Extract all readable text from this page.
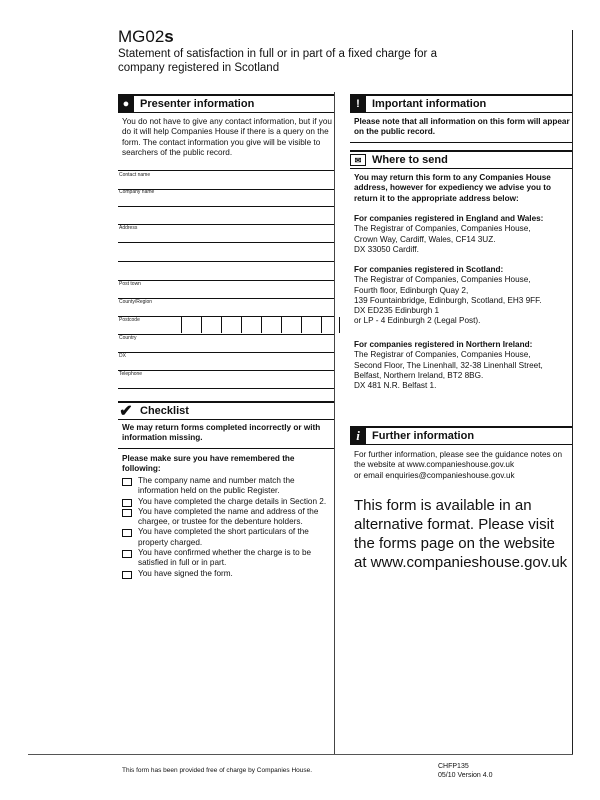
MG02s
Statement of satisfaction in full or in part of a fixed charge for a company registered in Scotland
● Presenter information
You do not have to give any contact information, but if you do it will help Companies House if there is a query on the form. The contact information you give will be visible to searchers of the public record.
Contact name
Company name
Address
Post town
County/Region
Postcode
Country
DX
Telephone
✔ Checklist
We may return forms completed incorrectly or with information missing.
Please make sure you have remembered the following:
The company name and number match the information held on the public Register.
You have completed the charge details in Section 2.
You have completed the name and address of the chargee, or trustee for the debenture holders.
You have completed the short particulars of the property charged.
You have confirmed whether the charge is to be satisfied in full or in part.
You have signed the form.
!	Important information
Please note that all information on this form will appear on the public record.
✉ Where to send
You may return this form to any Companies House address, however for expediency we advise you to return it to the appropriate address below:
For companies registered in England and Wales:
The Registrar of Companies, Companies House,
Crown Way, Cardiff, Wales, CF14 3UZ.
DX 33050 Cardiff.
For companies registered in Scotland:
The Registrar of Companies, Companies House,
Fourth floor, Edinburgh Quay 2,
139 Fountainbridge, Edinburgh, Scotland, EH3 9FF.
DX ED235 Edinburgh 1
or LP - 4 Edinburgh 2 (Legal Post).
For companies registered in Northern Ireland:
The Registrar of Companies, Companies House,
Second Floor, The Linenhall, 32-38 Linenhall Street,
Belfast, Northern Ireland, BT2 8BG.
DX 481 N.R. Belfast 1.
i	Further information
For further information, please see the guidance notes on the website at www.companieshouse.gov.uk
or email enquiries@companieshouse.gov.uk
This form is available in an alternative format. Please visit the forms page on the website at www.companieshouse.gov.uk
This form has been provided free of charge by Companies House.
CHFP135
05/10 Version 4.0
